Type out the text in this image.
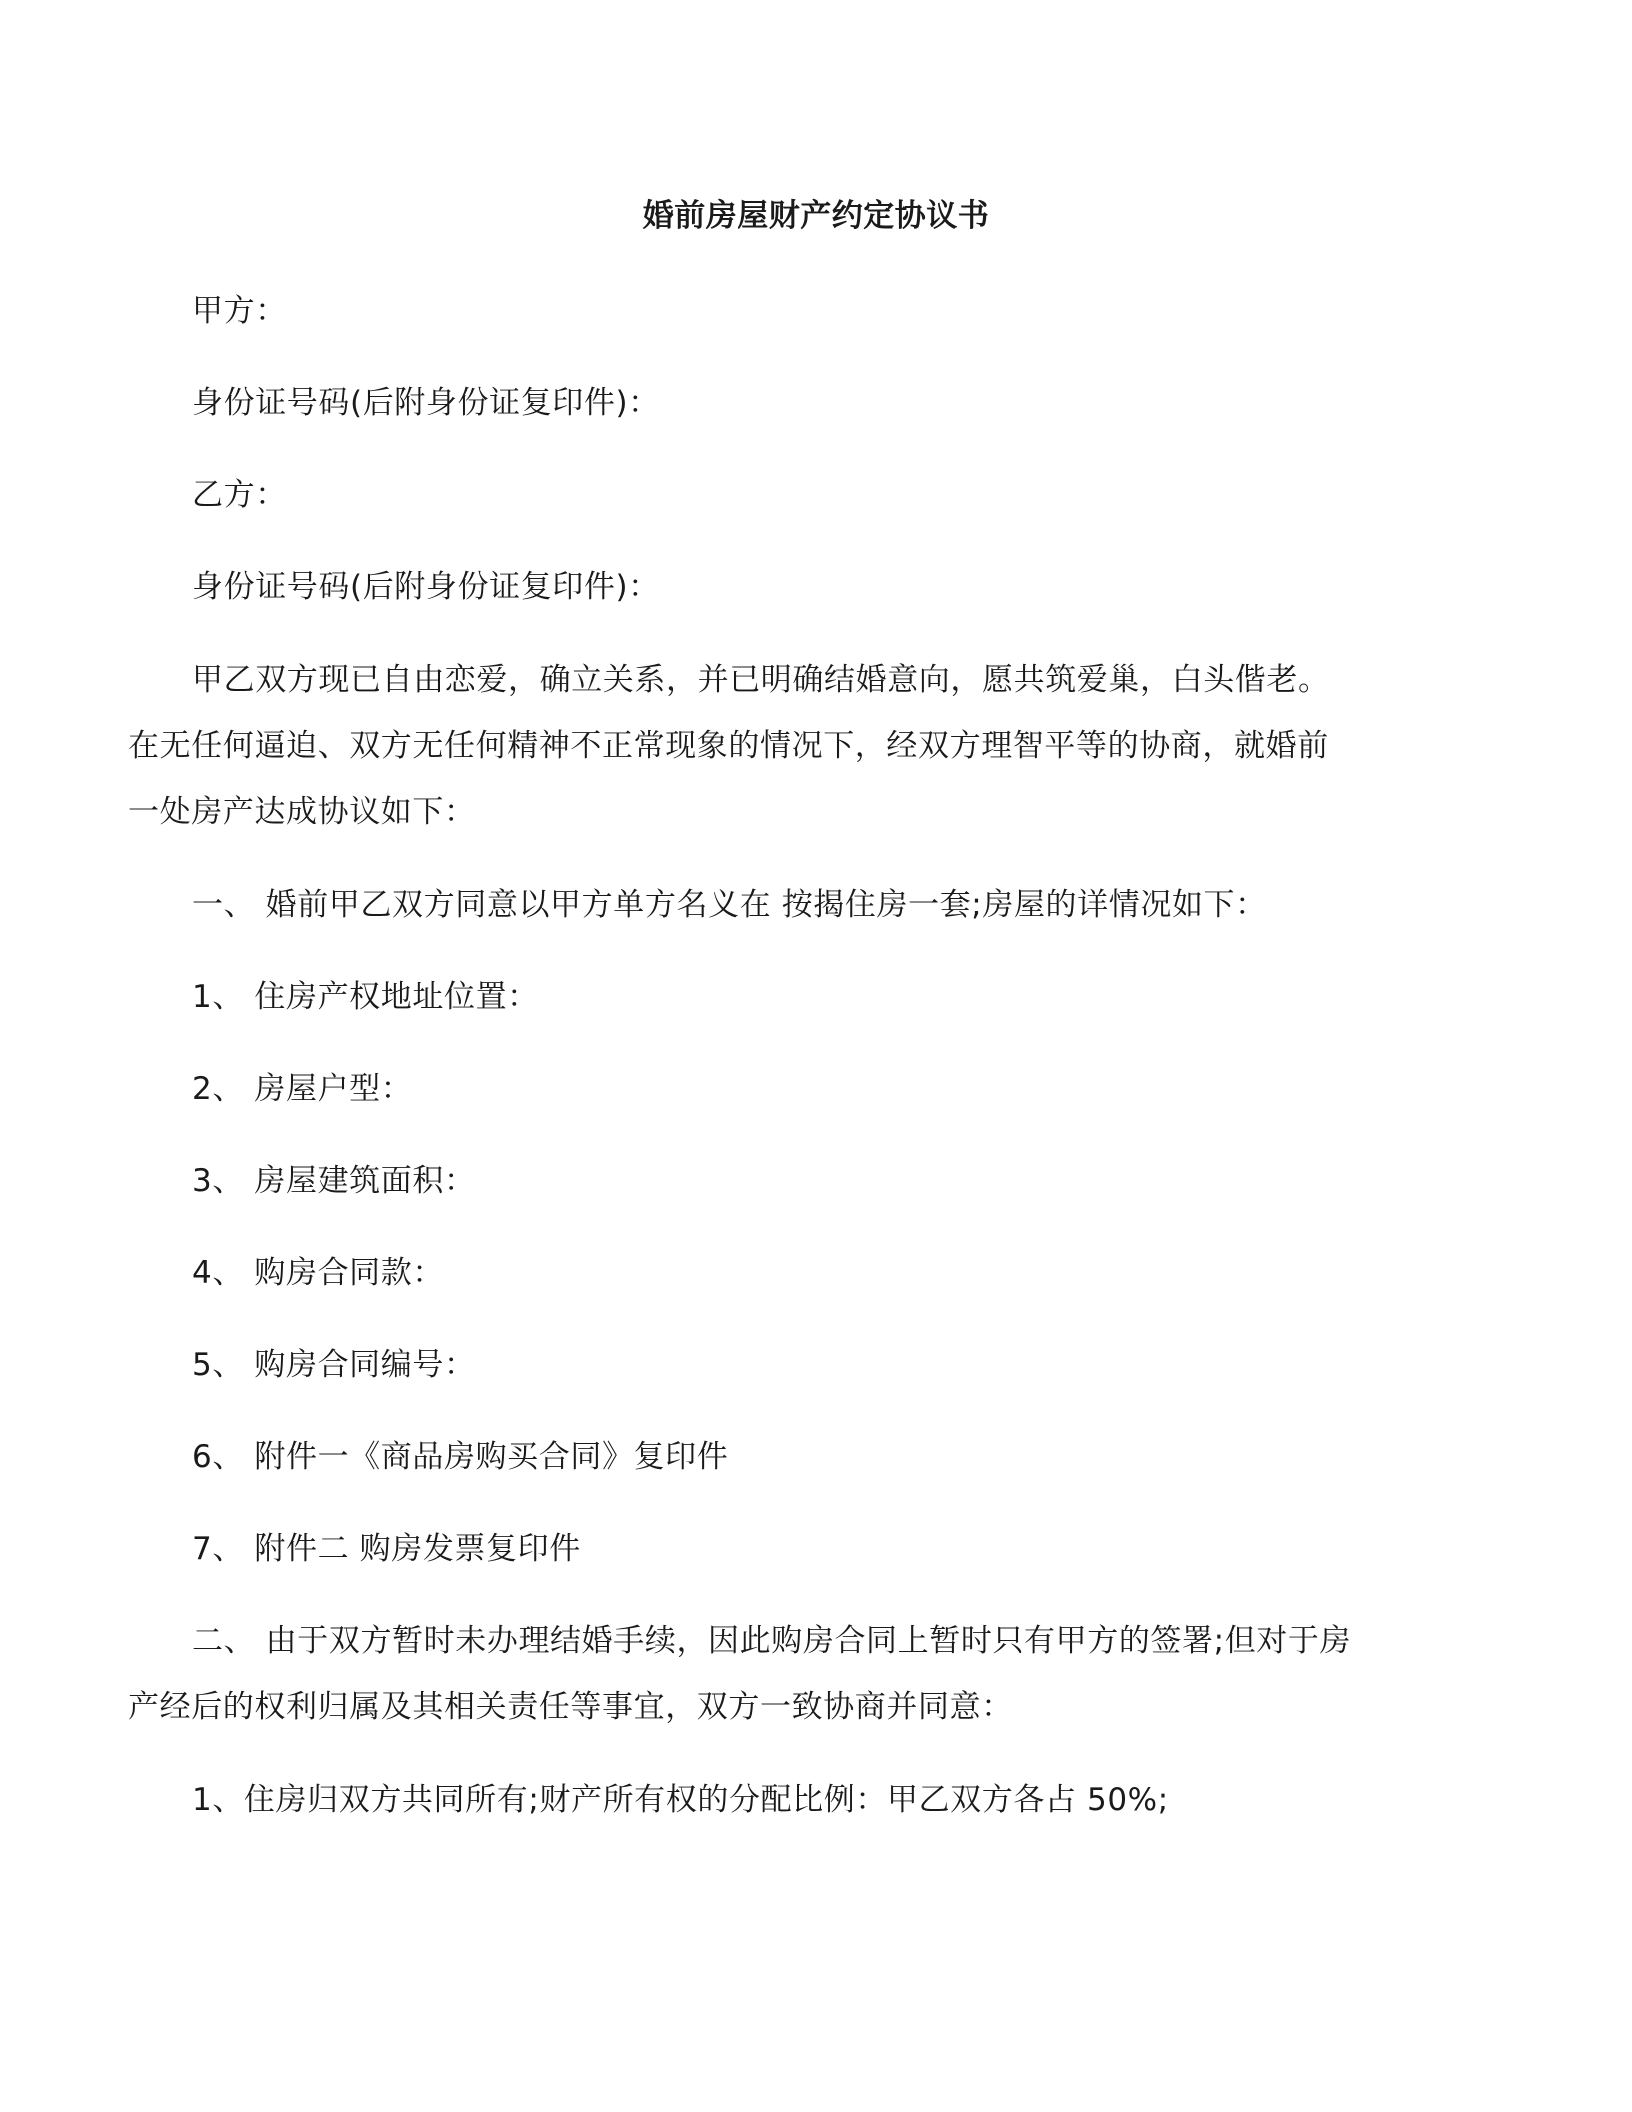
婚前房屋财产约定协议书
甲方：
身份证号码(后附身份证复印件)：
乙方：
身份证号码(后附身份证复印件)：
甲乙双方现已自由恋爱，确立关系，并已明确结婚意向，愿共筑爱巢，白头偕老。
在无任何逼迫、双方无任何精神不正常现象的情况下，经双方理智平等的协商，就婚前
一处房产达成协议如下：
一、 婚前甲乙双方同意以甲方单方名义在 按揭住房一套;房屋的详情况如下：
1、 住房产权地址位置：
2、 房屋户型：
3、 房屋建筑面积：
4、 购房合同款：
5、 购房合同编号：
6、 附件一《商品房购买合同》复印件
7、 附件二 购房发票复印件
二、 由于双方暂时未办理结婚手续，因此购房合同上暂时只有甲方的签署;但对于房
产经后的权利归属及其相关责任等事宜，双方一致协商并同意：
1、住房归双方共同所有;财产所有权的分配比例：甲乙双方各占 50%;
